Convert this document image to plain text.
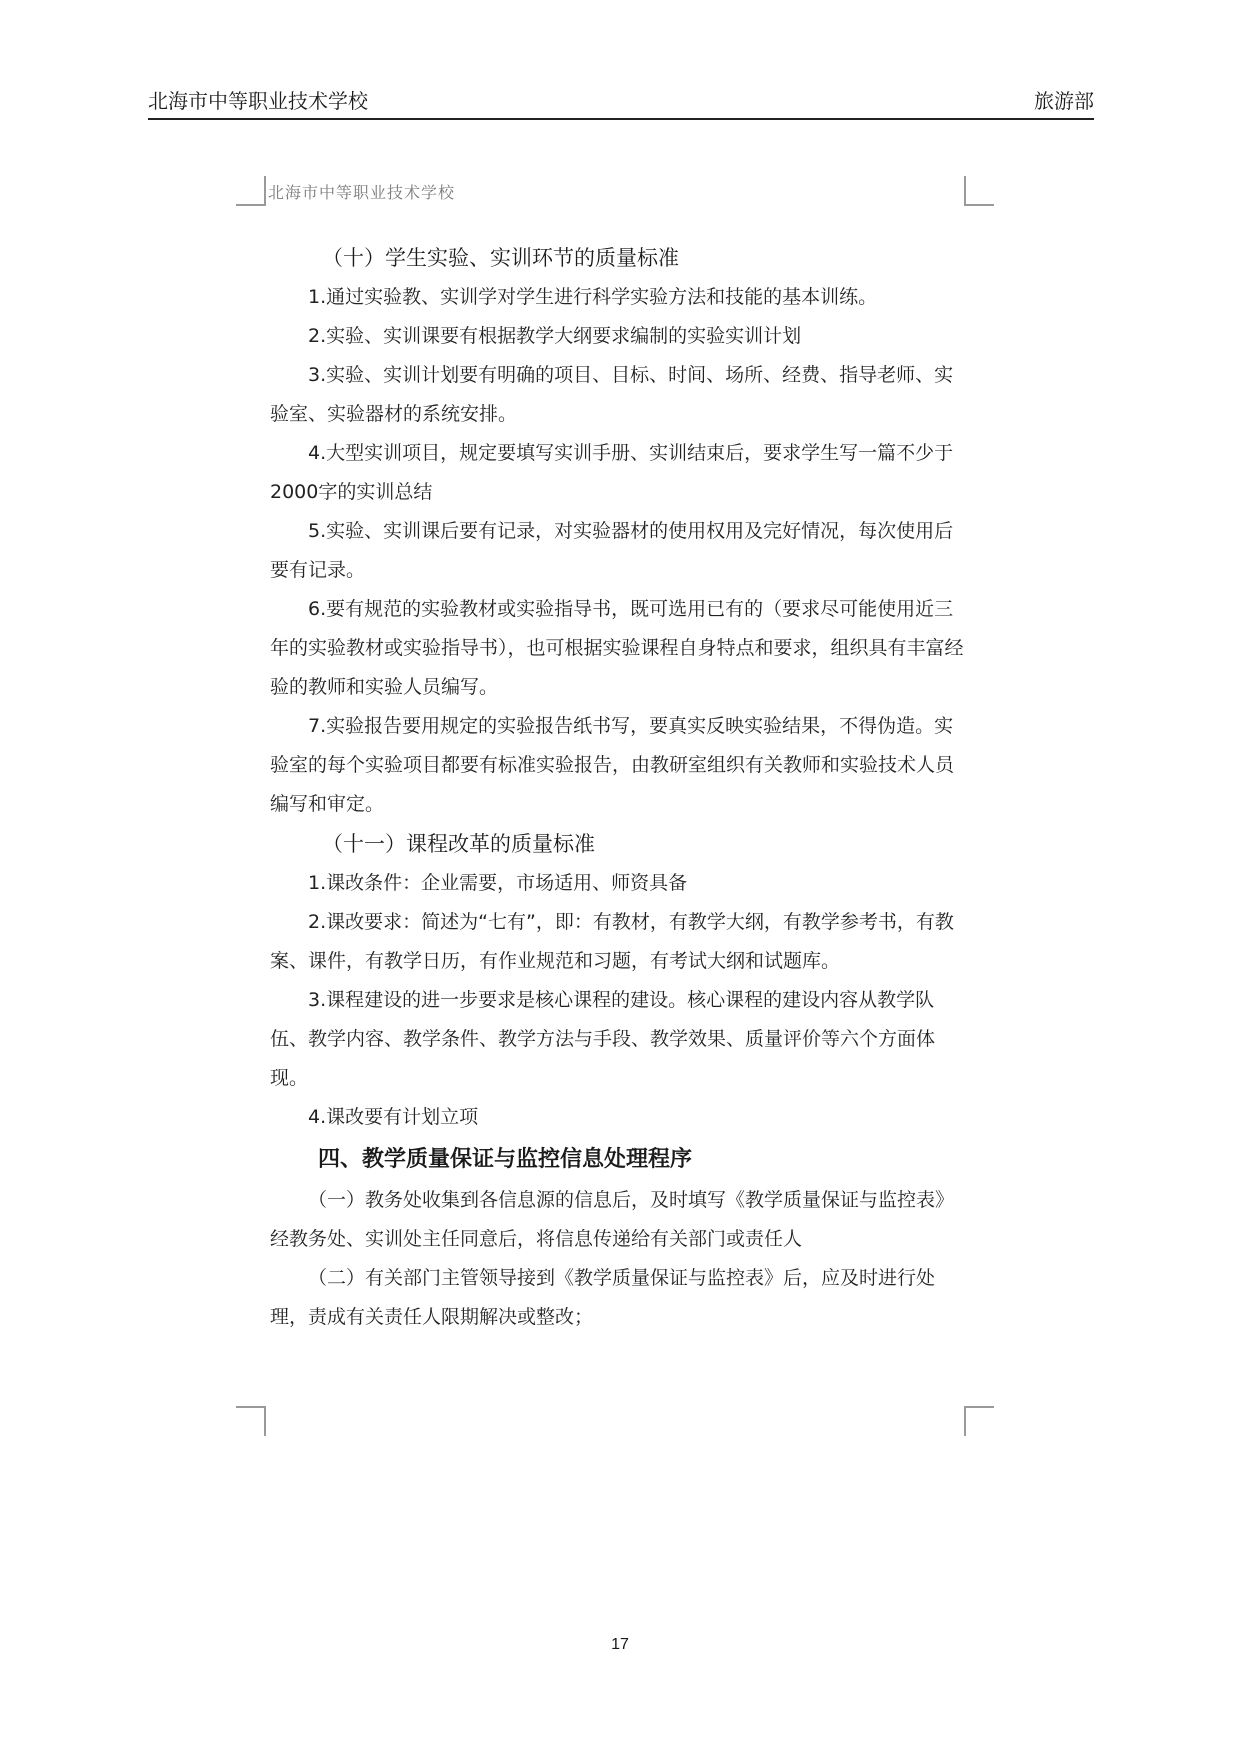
北海市中等职业技术学校	旅游部
北海市中等职业技术学校
（十）学生实验、实训环节的质量标准

1.通过实验教、实训学对学生进行科学实验方法和技能的基本训练。

2.实验、实训课要有根据教学大纲要求编制的实验实训计划

3.实验、实训计划要有明确的项目、目标、时间、场所、经费、指导老师、实验室、实验器材的系统安排。

4.大型实训项目，规定要填写实训手册、实训结束后，要求学生写一篇不少于2000字的实训总结

5.实验、实训课后要有记录，对实验器材的使用权用及完好情况，每次使用后要有记录。

6.要有规范的实验教材或实验指导书，既可选用已有的（要求尽可能使用近三年的实验教材或实验指导书），也可根据实验课程自身特点和要求，组织具有丰富经验的教师和实验人员编写。

7.实验报告要用规定的实验报告纸书写，要真实反映实验结果，不得伪造。实验室的每个实验项目都要有标准实验报告，由教研室组织有关教师和实验技术人员编写和审定。

（十一）课程改革的质量标准

1.课改条件：企业需要，市场适用、师资具备

2.课改要求：简述为“七有”，即：有教材，有教学大纲，有教学参考书，有教案、课件，有教学日历，有作业规范和习题，有考试大纲和试题库。

3.课程建设的进一步要求是核心课程的建设。核心课程的建设内容从教学队伍、教学内容、教学条件、教学方法与手段、教学效果、质量评价等六个方面体现。

4.课改要有计划立项

四、教学质量保证与监控信息处理程序

（一）教务处收集到各信息源的信息后，及时填写《教学质量保证与监控表》经教务处、实训处主任同意后，将信息传递给有关部门或责任人

（二）有关部门主管领导接到《教学质量保证与监控表》后，应及时进行处理，责成有关责任人限期解决或整改；

17
